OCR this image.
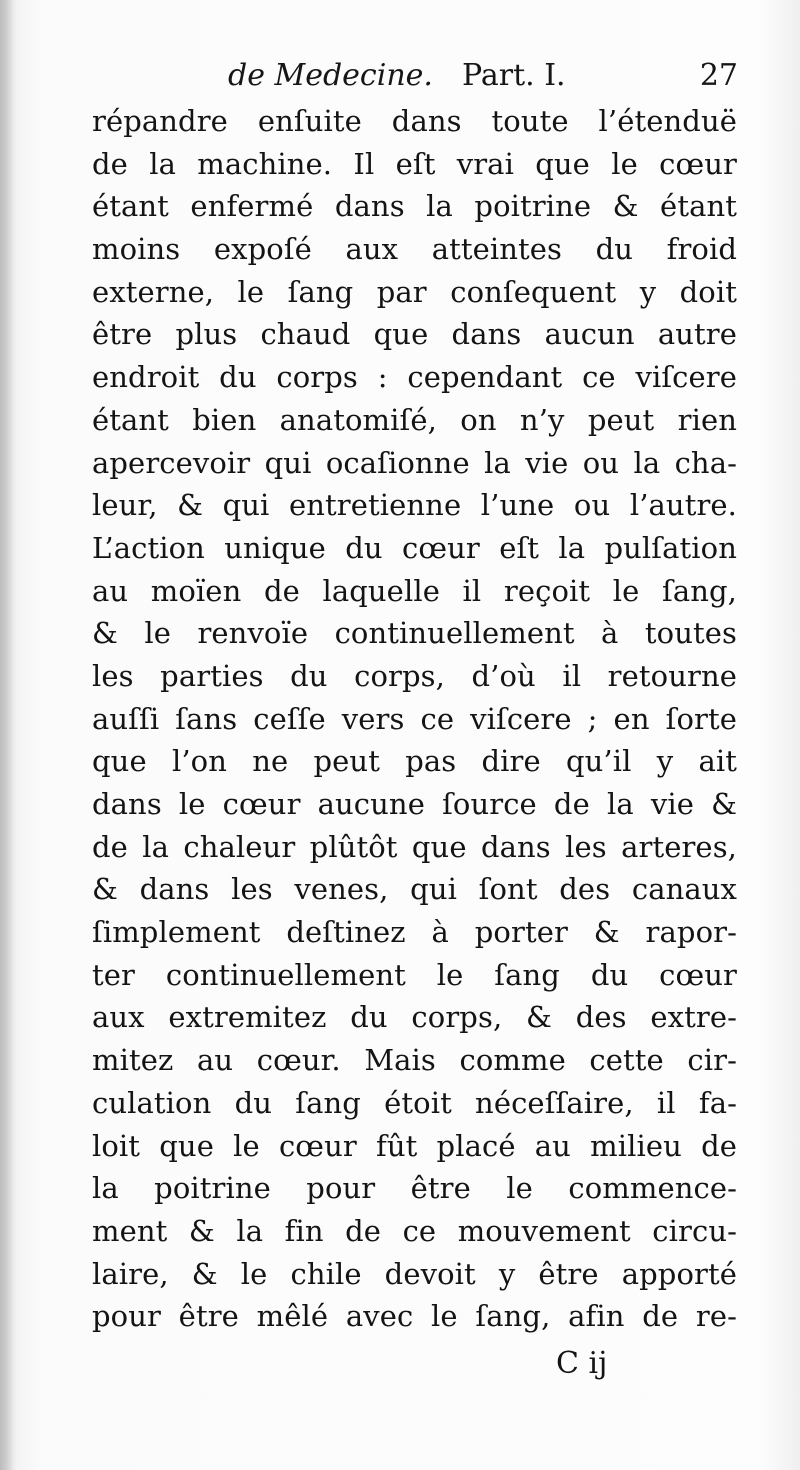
de Medecine. Part. I.	27
répandre enſuite dans toute l’étenduë
de la machine. Il eſt vrai que le cœur
étant enfermé dans la poitrine & étant
moins expoſé aux atteintes du froid
externe, le ſang par conſequent y doit
être plus chaud que dans aucun autre
endroit du corps : cependant ce viſcere
étant bien anatomiſé, on n’y peut rien
apercevoir qui ocaſionne la vie ou la cha-
leur, & qui entretienne l’une ou l’autre.
L’action unique du cœur eſt la pulſation
au moïen de laquelle il reçoit le ſang,
& le renvoïe continuellement à toutes
les parties du corps, d’où il retourne
auſſi ſans ceſſe vers ce viſcere ; en ſorte
que l’on ne peut pas dire qu’il y ait
dans le cœur aucune ſource de la vie &
de la chaleur plûtôt que dans les arteres,
& dans les venes, qui ſont des canaux
ſimplement deſtinez à porter & rapor-
ter continuellement le ſang du cœur
aux extremitez du corps, & des extre-
mitez au cœur. Mais comme cette cir-
culation du ſang étoit néceſſaire, il fa-
loit que le cœur fût placé au milieu de
la poitrine pour être le commence-
ment & la fin de ce mouvement circu-
laire, & le chile devoit y être apporté
pour être mêlé avec le ſang, afin de re-
C ij
